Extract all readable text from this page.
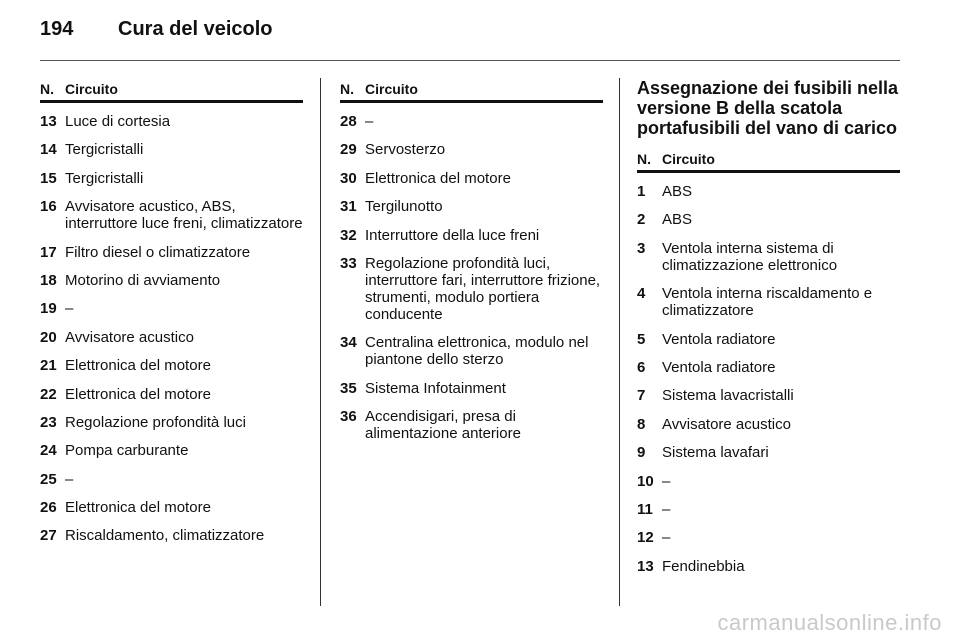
194	Cura del veicolo
N. Circuito
13 Luce di cortesia
14 Tergicristalli
15 Tergicristalli
16 Avvisatore acustico, ABS, interruttore luce freni, climatizzatore
17 Filtro diesel o climatizzatore
18 Motorino di avviamento
19 –
20 Avvisatore acustico
21 Elettronica del motore
22 Elettronica del motore
23 Regolazione profondità luci
24 Pompa carburante
25 –
26 Elettronica del motore
27 Riscaldamento, climatizzatore
N. Circuito
28 –
29 Servosterzo
30 Elettronica del motore
31 Tergilunotto
32 Interruttore della luce freni
33 Regolazione profondità luci, interruttore fari, interruttore frizione, strumenti, modulo portiera conducente
34 Centralina elettronica, modulo nel piantone dello sterzo
35 Sistema Infotainment
36 Accendisigari, presa di alimentazione anteriore
Assegnazione dei fusibili nella versione B della scatola portafusibili del vano di carico
N. Circuito
1	ABS
2	ABS
3	Ventola interna sistema di climatizzazione elettronico
4	Ventola interna riscaldamento e climatizzatore
5	Ventola radiatore
6	Ventola radiatore
7	Sistema lavacristalli
8	Avvisatore acustico
9	Sistema lavafari
10 –
11 –
12 –
13 Fendinebbia
carmanualsonline.info
